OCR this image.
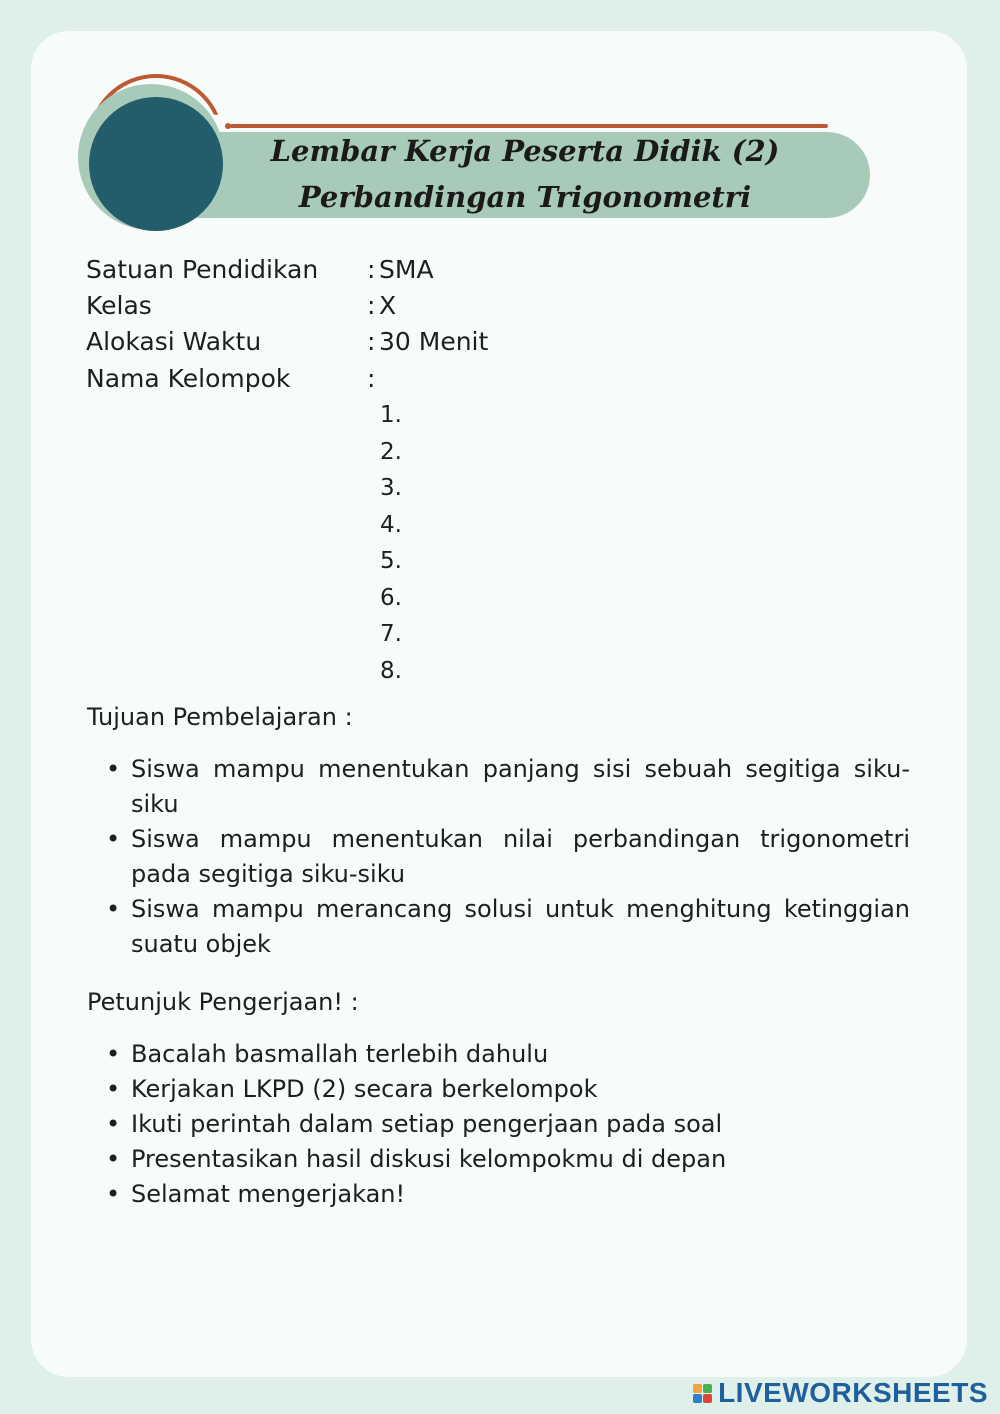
Lembar Kerja Peserta Didik (2)
Perbandingan Trigonometri
Satuan Pendidikan : SMA
Kelas	: X
Alokasi Waktu	: 30 Menit
Nama Kelompok	:
1.
2.
3.
4.
5.
6.
7.
8.
Tujuan Pembelajaran :
• Siswa mampu menentukan panjang sisi sebuah segitiga siku-siku
• Siswa mampu menentukan nilai perbandingan trigonometri pada segitiga siku-siku
• Siswa mampu merancang solusi untuk menghitung ketinggian suatu objek
Petunjuk Pengerjaan! :
• Bacalah basmallah terlebih dahulu
• Kerjakan LKPD (2) secara berkelompok
• Ikuti perintah dalam setiap pengerjaan pada soal
• Presentasikan hasil diskusi kelompokmu di depan
• Selamat mengerjakan!
LIVEWORKSHEETS
